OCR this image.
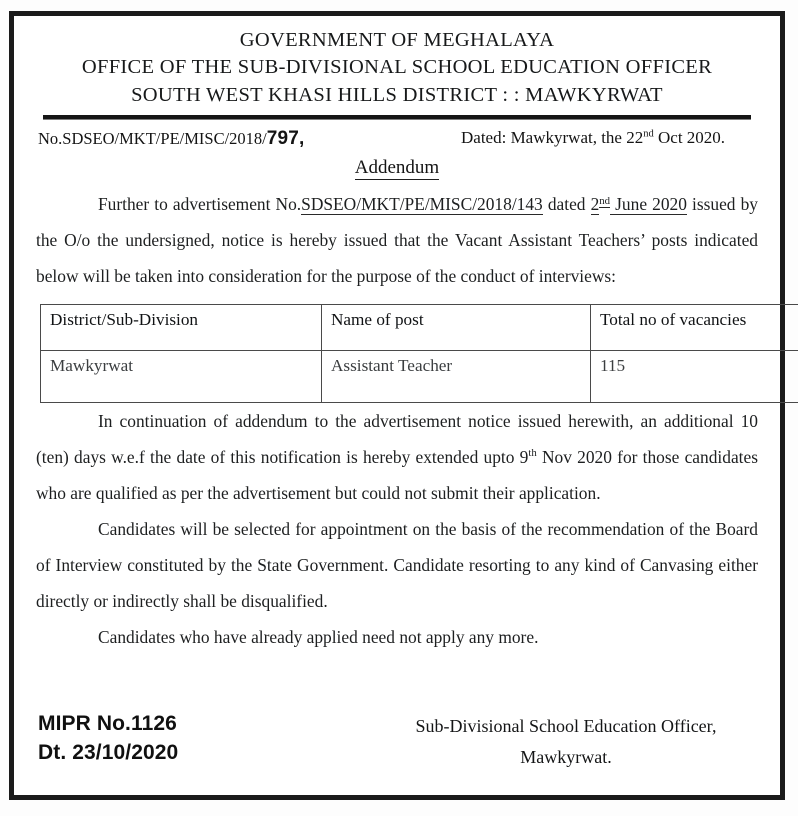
GOVERNMENT OF MEGHALAYA
OFFICE OF THE SUB-DIVISIONAL SCHOOL EDUCATION OFFICER
SOUTH WEST KHASI HILLS DISTRICT : : MAWKYRWAT
No.SDSEO/MKT/PE/MISC/2018/797,	Dated: Mawkyrwat, the 22nd Oct 2020.
Addendum

Further to advertisement No.SDSEO/MKT/PE/MISC/2018/143 dated 2nd June 2020 issued by the O/o the undersigned, notice is hereby issued that the Vacant Assistant Teachers’ posts indicated below will be taken into consideration for the purpose of the conduct of interviews:

District/Sub-Division	Name of post	Total no of vacancies
Mawkyrwat	Assistant Teacher	115

In continuation of addendum to the advertisement notice issued herewith, an additional 10 (ten) days w.e.f the date of this notification is hereby extended upto 9th Nov 2020 for those candidates who are qualified as per the advertisement but could not submit their application.

Candidates will be selected for appointment on the basis of the recommendation of the Board of Interview constituted by the State Government. Candidate resorting to any kind of Canvasing either directly or indirectly shall be disqualified.

Candidates who have already applied need not apply any more.

MIPR No.1126
Dt. 23/10/2020
Sub-Divisional School Education Officer,
Mawkyrwat.
